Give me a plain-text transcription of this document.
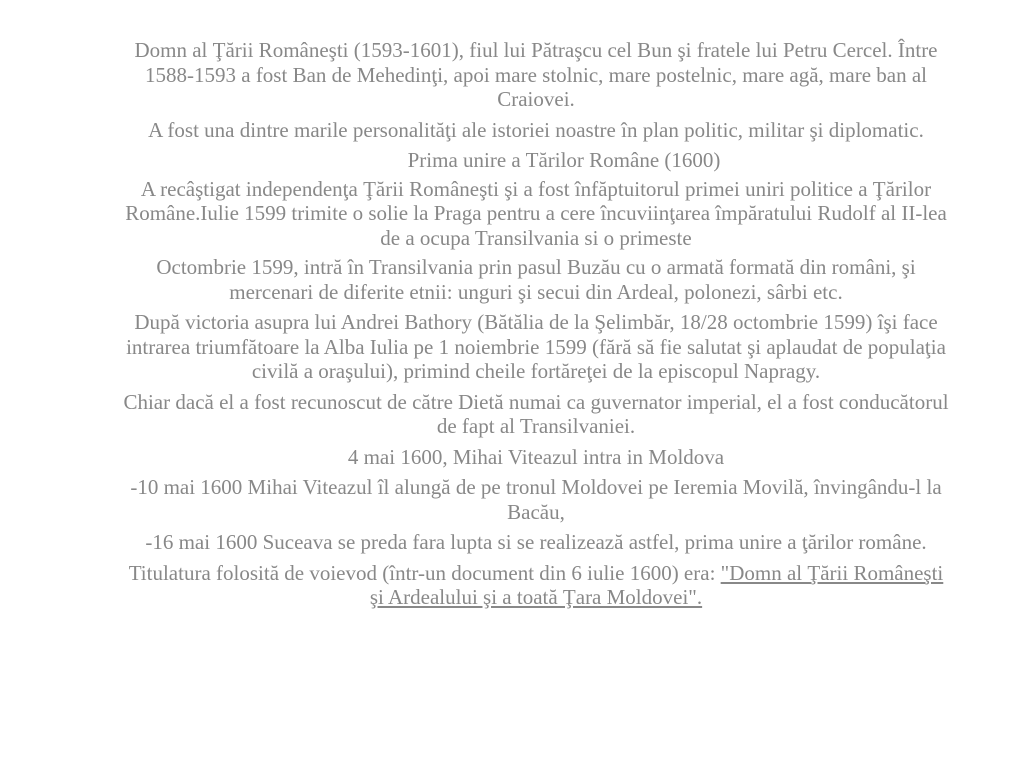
Domn al Ţării Româneşti (1593-1601), fiul lui Pătraşcu cel Bun şi fratele lui Petru Cercel. Între 1588-1593 a fost Ban de Mehedinţi, apoi mare stolnic, mare postelnic, mare agă, mare ban al Craiovei.

A fost una dintre marile personalităţi ale istoriei noastre în plan politic, militar şi diplomatic.

Prima unire a Tărilor Române (1600)

A recâştigat independenţa Ţării Româneşti şi a fost înfăptuitorul primei uniri politice a Ţărilor Române.Iulie 1599 trimite o solie la Praga pentru a cere încuviinţarea împăratului Rudolf al II-lea de a ocupa Transilvania si o primeste

Octombrie 1599, intră în Transilvania prin pasul Buzău cu o armată formată din români, şi mercenari de diferite etnii: unguri şi secui din Ardeal, polonezi, sârbi etc.

După victoria asupra lui Andrei Bathory (Bătălia de la Şelimbăr, 18/28 octombrie 1599) îşi face intrarea triumfătoare la Alba Iulia pe 1 noiembrie 1599 (fără să fie salutat şi aplaudat de populaţia civilă a oraşului), primind cheile fortăreţei de la episcopul Napragy.

Chiar dacă el a fost recunoscut de către Dietă numai ca guvernator imperial, el a fost conducătorul de fapt al Transilvaniei.

4 mai 1600, Mihai Viteazul intra in Moldova

-10 mai 1600 Mihai Viteazul îl alungă de pe tronul Moldovei pe Ieremia Movilă, învingându-l la Bacău,

-16 mai 1600 Suceava se preda fara lupta si se realizează astfel, prima unire a ţărilor române.

Titulatura folosită de voievod (într-un document din 6 iulie 1600) era: "Domn al Ţării Româneşti şi Ardealului şi a toată Ţara Moldovei".
